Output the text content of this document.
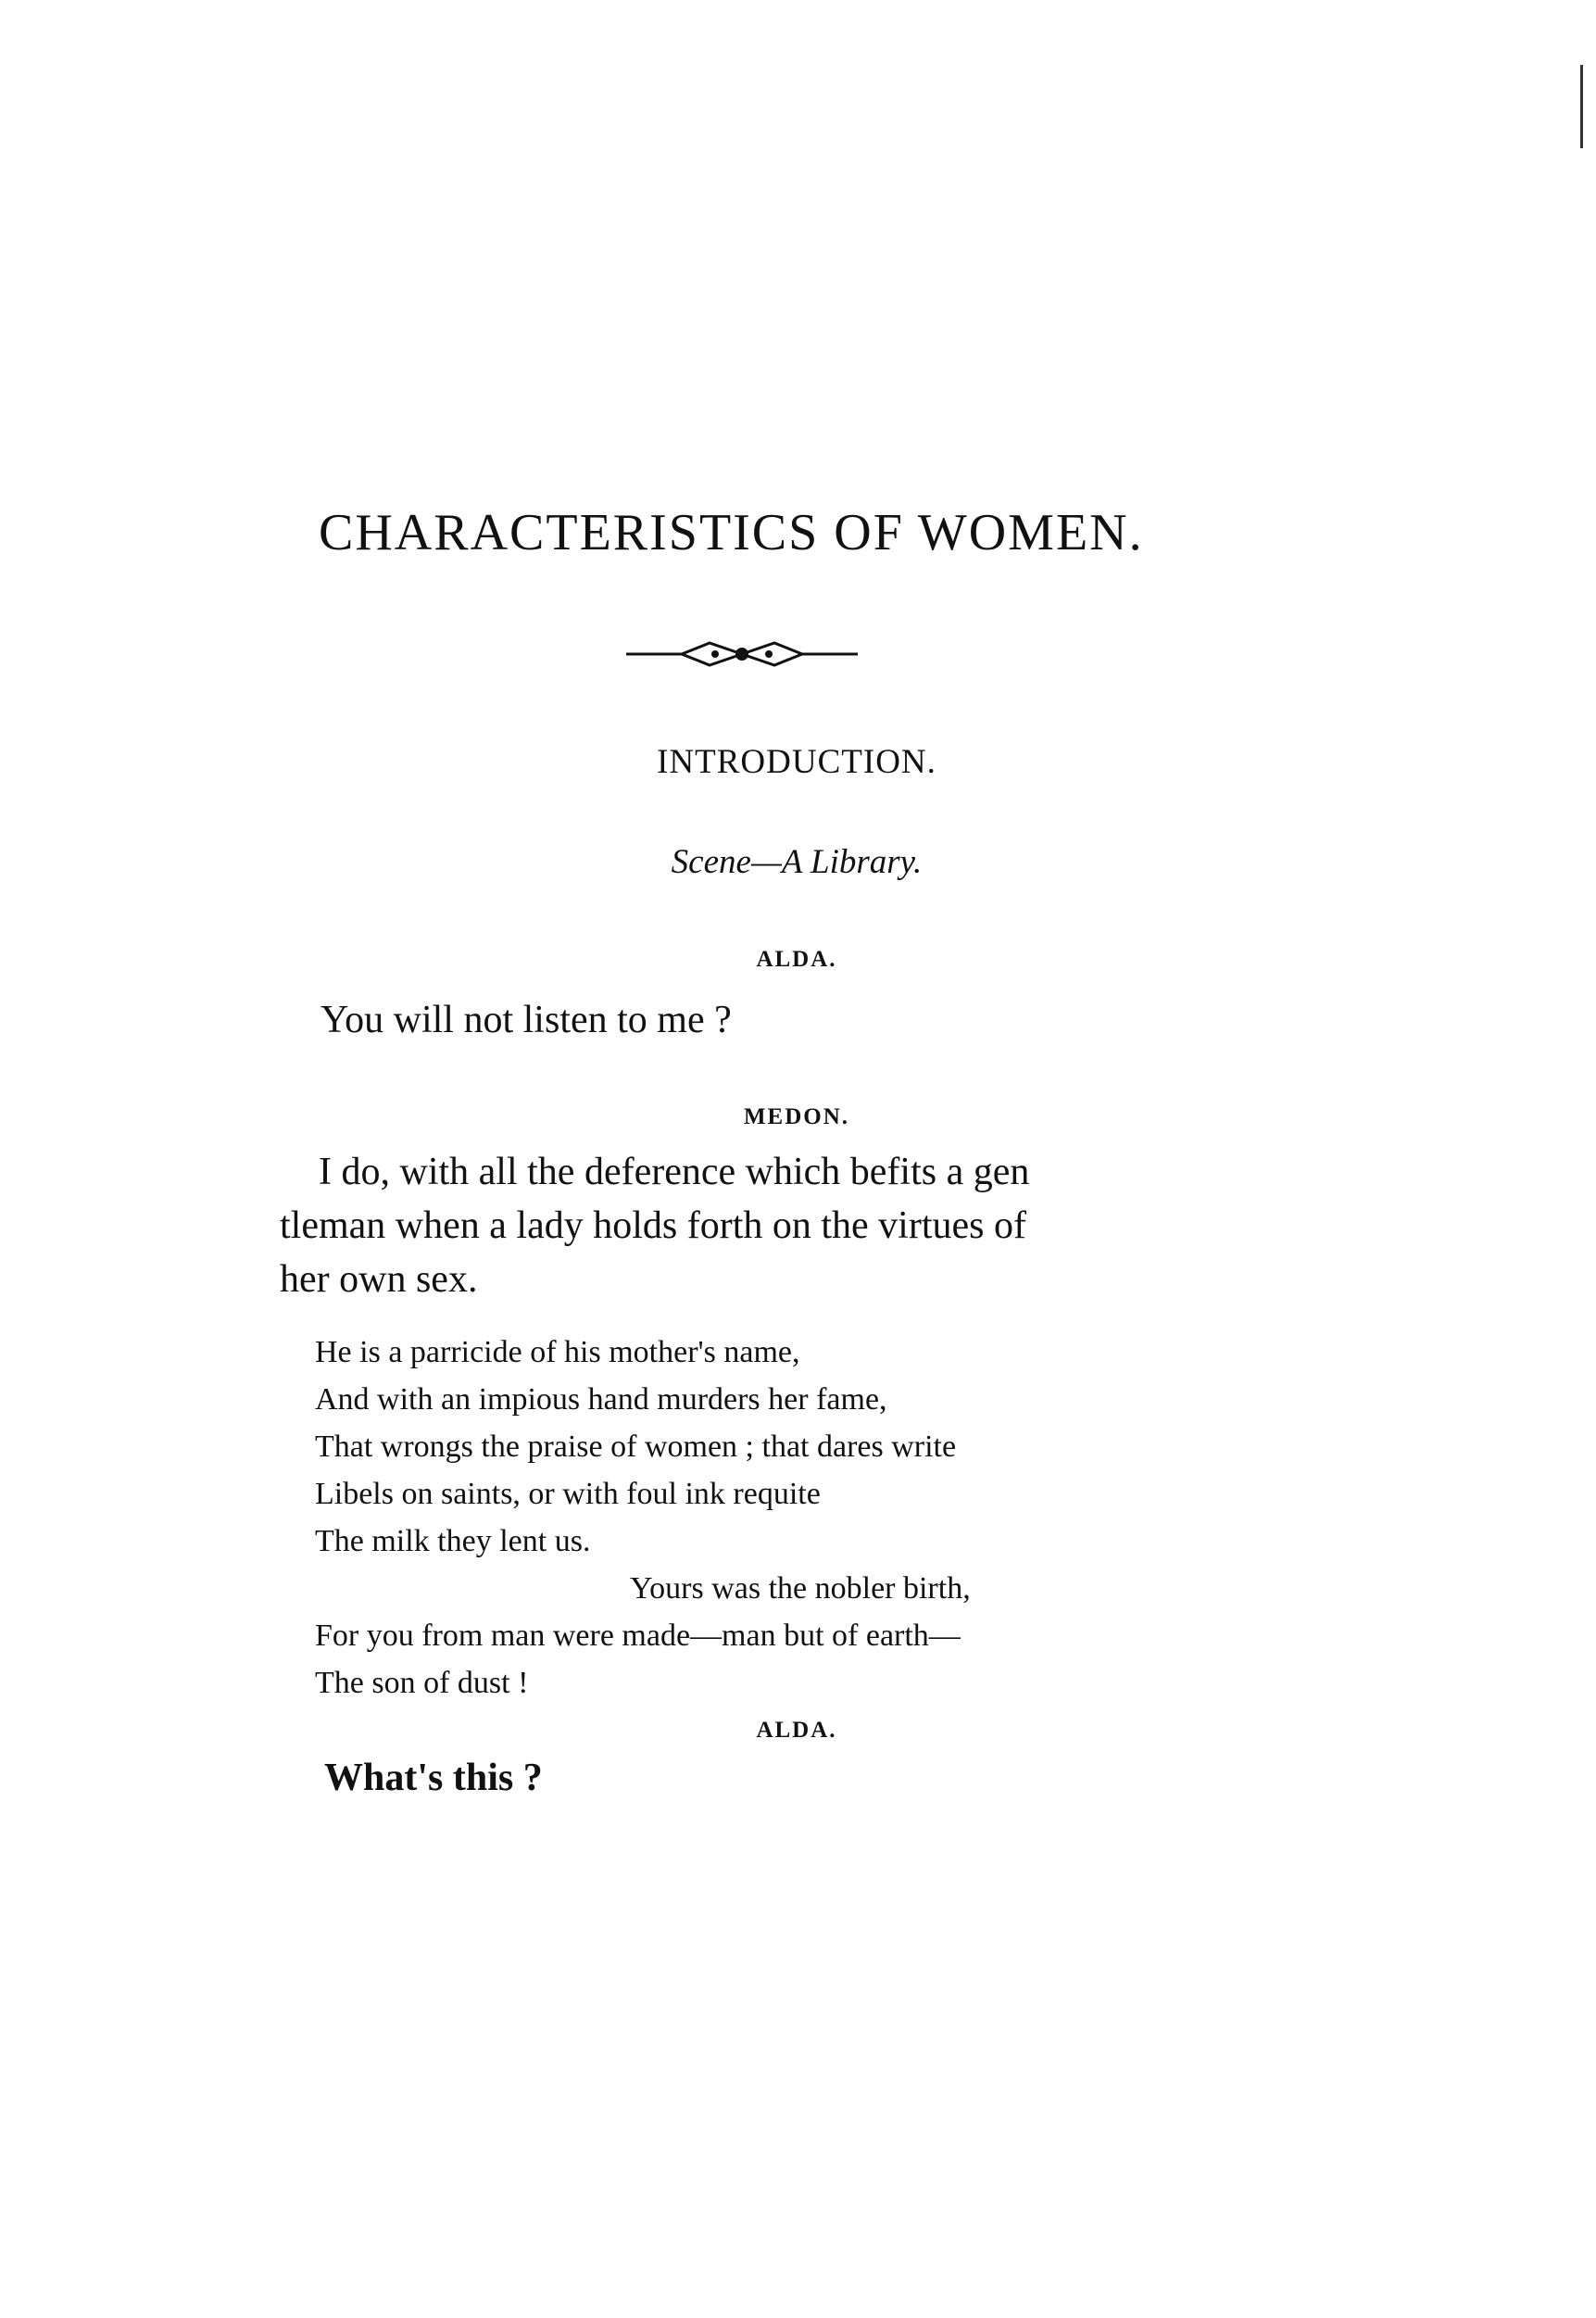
CHARACTERISTICS OF WOMEN.
INTRODUCTION.
Scene—A Library.
ALDA.
You will not listen to me ?
MEDON.
I do, with all the deference which befits a gen
tleman when a lady holds forth on the virtues of
her own sex.
He is a parricide of his mother's name,
And with an impious hand murders her fame,
That wrongs the praise of women ; that dares write
Libels on saints, or with foul ink requite
The milk they lent us.
Yours was the nobler birth,
For you from man were made—man but of earth—
The son of dust !
ALDA.
What's this ?
